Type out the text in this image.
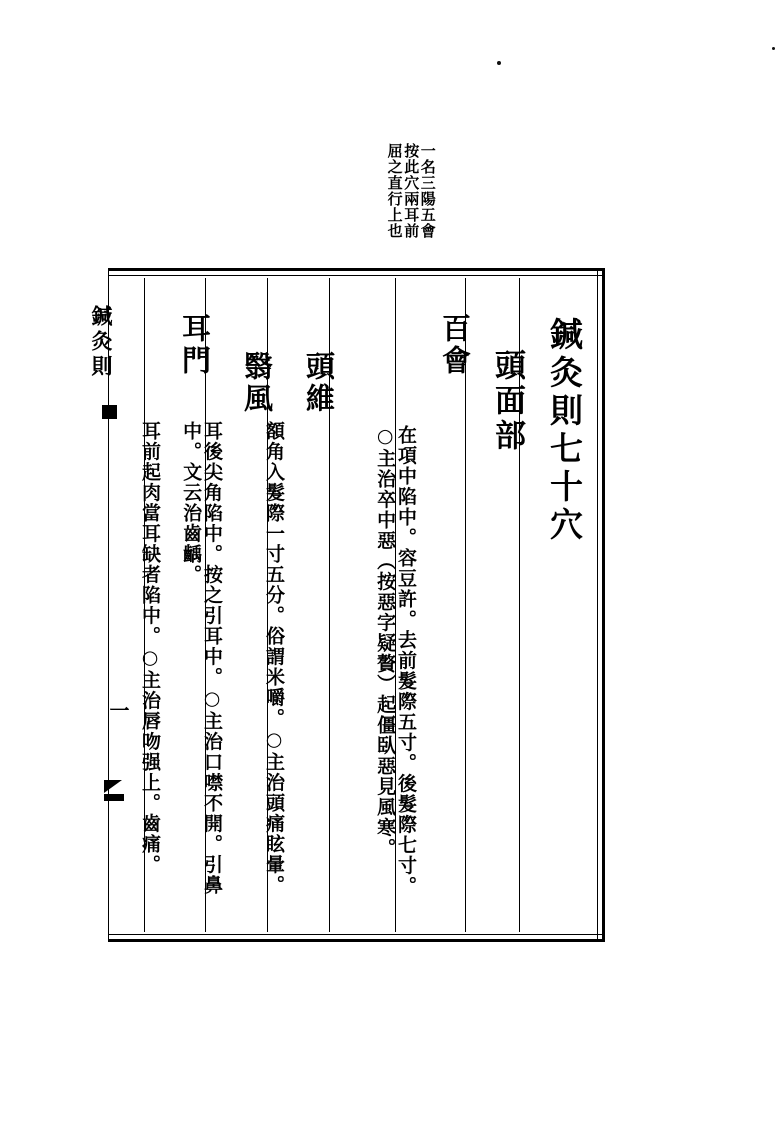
一名三陽五會
按此穴兩耳前
屈之直行上也
鍼灸則
一
鍼灸則七十穴
頭面部
百會
在項中陷中。容豆許。去前髮際五寸。後髮際七寸。○主治卒中惡（按惡字疑贅）起僵臥惡見風寒。
頭維
額角入髮際一寸五分。俗謂米嚼。○主治頭痛眩暈。
翳風
耳後尖角陷中。按之引耳中。○主治口噤不開。引鼻中。文云治齒齲。
耳門
耳前起肉當耳缺者陷中。○主治唇吻强上。齒痛。
